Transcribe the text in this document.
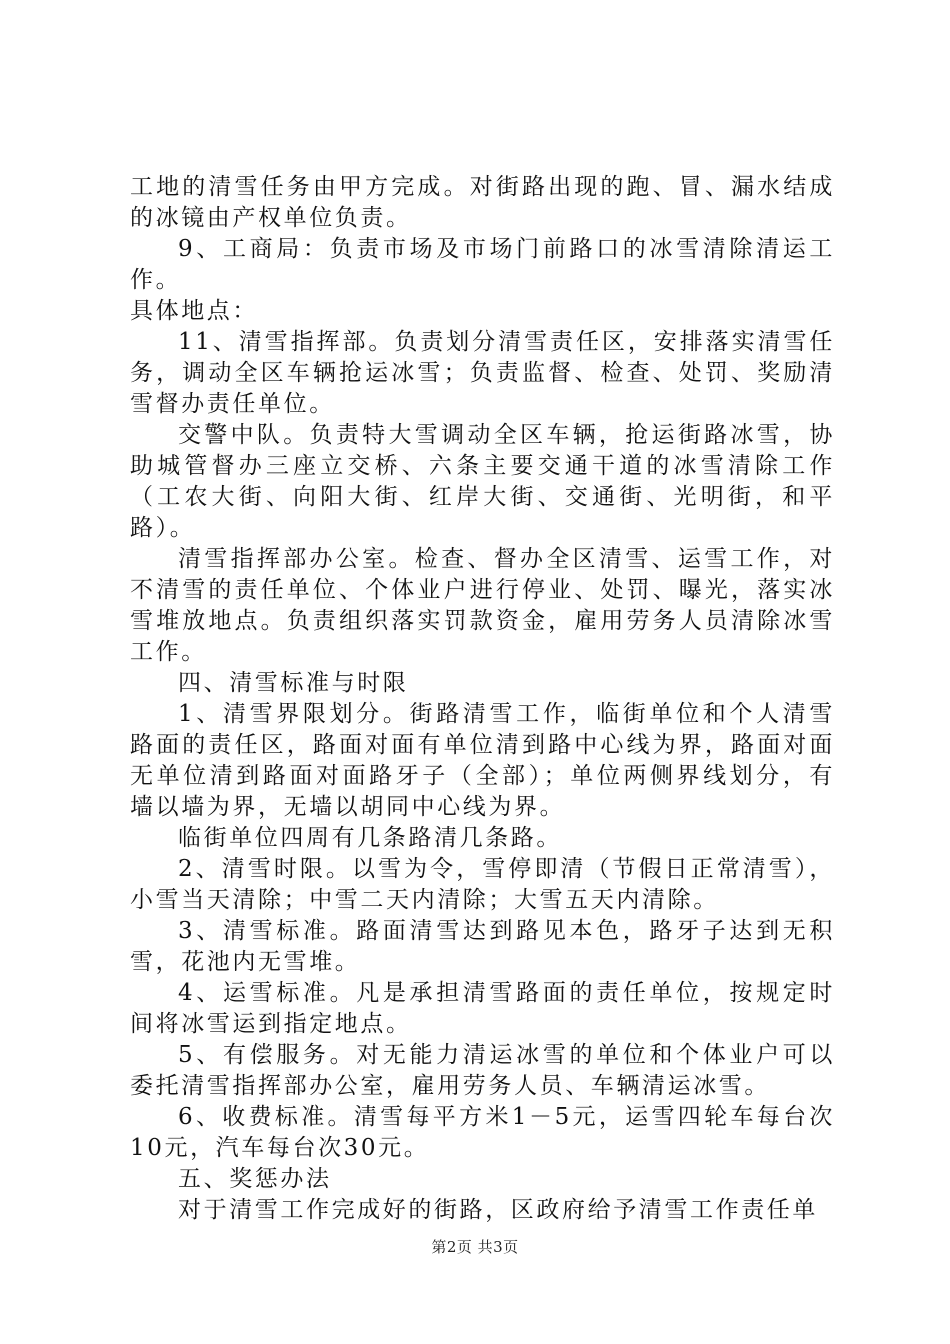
工地的清雪任务由甲方完成。对街路出现的跑、冒、漏水结成的冰镜由产权单位负责。

9、工商局：负责市场及市场门前路口的冰雪清除清运工作。

具体地点：

11、清雪指挥部。负责划分清雪责任区，安排落实清雪任务，调动全区车辆抢运冰雪；负责监督、检查、处罚、奖励清雪督办责任单位。

交警中队。负责特大雪调动全区车辆，抢运街路冰雪，协助城管督办三座立交桥、六条主要交通干道的冰雪清除工作（工农大街、向阳大街、红岸大街、交通街、光明街，和平路）。

清雪指挥部办公室。检查、督办全区清雪、运雪工作，对不清雪的责任单位、个体业户进行停业、处罚、曝光，落实冰雪堆放地点。负责组织落实罚款资金，雇用劳务人员清除冰雪工作。

四、清雪标准与时限

1、清雪界限划分。街路清雪工作，临街单位和个人清雪路面的责任区，路面对面有单位清到路中心线为界，路面对面无单位清到路面对面路牙子（全部）；单位两侧界线划分，有墙以墙为界，无墙以胡同中心线为界。

临街单位四周有几条路清几条路。

2、清雪时限。以雪为令，雪停即清（节假日正常清雪），小雪当天清除；中雪二天内清除；大雪五天内清除。

3、清雪标准。路面清雪达到路见本色，路牙子达到无积雪，花池内无雪堆。

4、运雪标准。凡是承担清雪路面的责任单位，按规定时间将冰雪运到指定地点。

5、有偿服务。对无能力清运冰雪的单位和个体业户可以委托清雪指挥部办公室，雇用劳务人员、车辆清运冰雪。

6、收费标准。清雪每平方米1－5元，运雪四轮车每台次10元，汽车每台次30元。

五、奖惩办法

对于清雪工作完成好的街路，区政府给予清雪工作责任单

第2页 共3页
